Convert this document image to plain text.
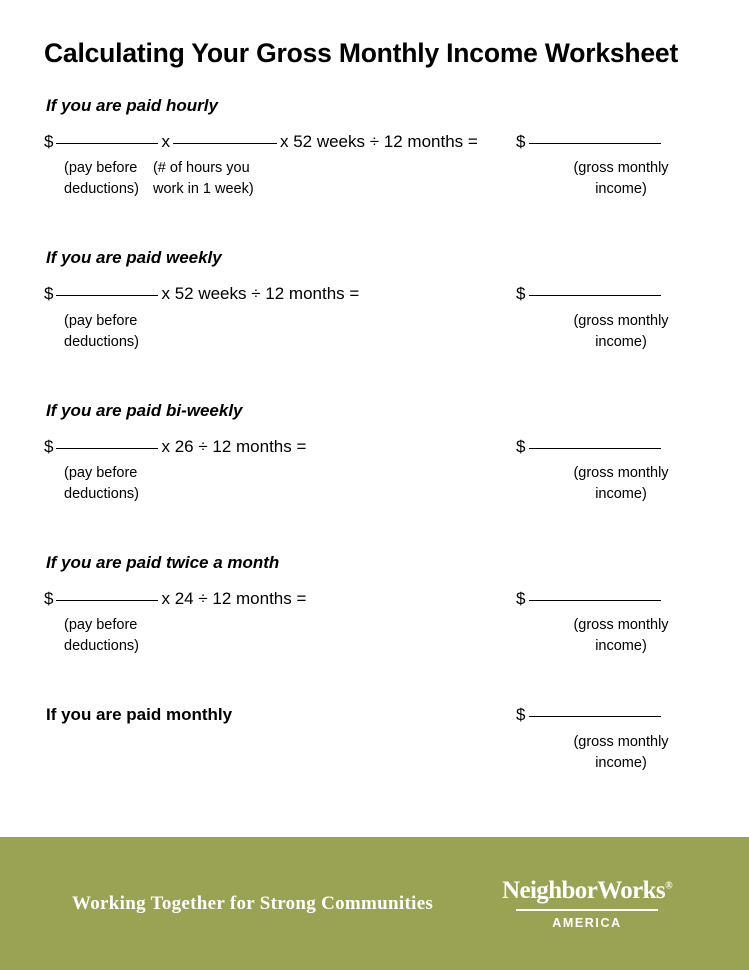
Calculating Your Gross Monthly Income Worksheet
If you are paid hourly
$	x	x 52 weeks ÷ 12 months =
(pay before
deductions)
(# of hours you
work in 1 week)
$
(gross monthly
income)
If you are paid weekly
$	x 52 weeks ÷ 12 months =
(pay before
deductions)
$
(gross monthly
income)
If you are paid bi-weekly
$	x 26 ÷ 12 months =
(pay before
deductions)
$
(gross monthly
income)
If you are paid twice a month
$	x 24 ÷ 12 months =
(pay before
deductions)
$
(gross monthly
income)
If you are paid monthly	$
(gross monthly
income)
Working Together for Strong Communities	NeighborWorks®
AMERICA
